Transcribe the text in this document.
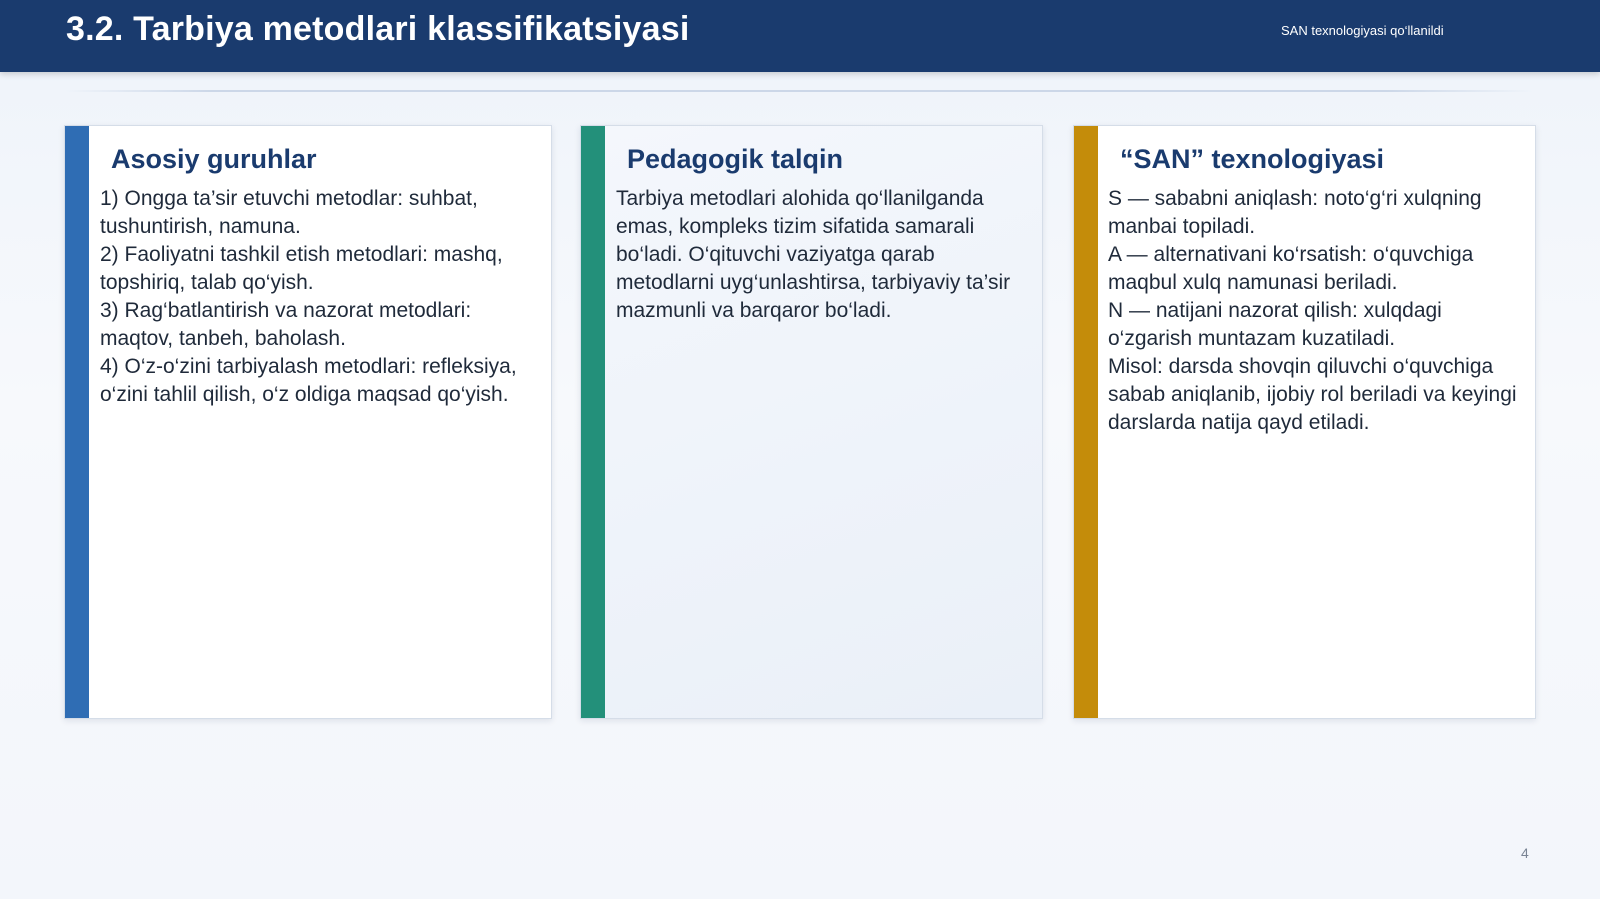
3.2. Tarbiya metodlari klassifikatsiyasi	SAN texnologiyasi qo‘llanildi
Asosiy guruhlar
1) Ongga ta’sir etuvchi metodlar: suhbat, tushuntirish, namuna.
2) Faoliyatni tashkil etish metodlari: mashq, topshiriq, talab qo‘yish.
3) Rag‘batlantirish va nazorat metodlari: maqtov, tanbeh, baholash.
4) O‘z-o‘zini tarbiyalash metodlari: refleksiya, o‘zini tahlil qilish, o‘z oldiga maqsad qo‘yish.
Pedagogik talqin
Tarbiya metodlari alohida qo‘llanilganda emas, kompleks tizim sifatida samarali bo‘ladi. O‘qituvchi vaziyatga qarab metodlarni uyg‘unlashtirsa, tarbiyaviy ta’sir mazmunli va barqaror bo‘ladi.
“SAN” texnologiyasi
S — sababni aniqlash: noto‘g‘ri xulqning manbai topiladi.
A — alternativani ko‘rsatish: o‘quvchiga maqbul xulq namunasi beriladi.
N — natijani nazorat qilish: xulqdagi o‘zgarish muntazam kuzatiladi.
Misol: darsda shovqin qiluvchi o‘quvchiga sabab aniqlanib, ijobiy rol beriladi va keyingi darslarda natija qayd etiladi.
4
